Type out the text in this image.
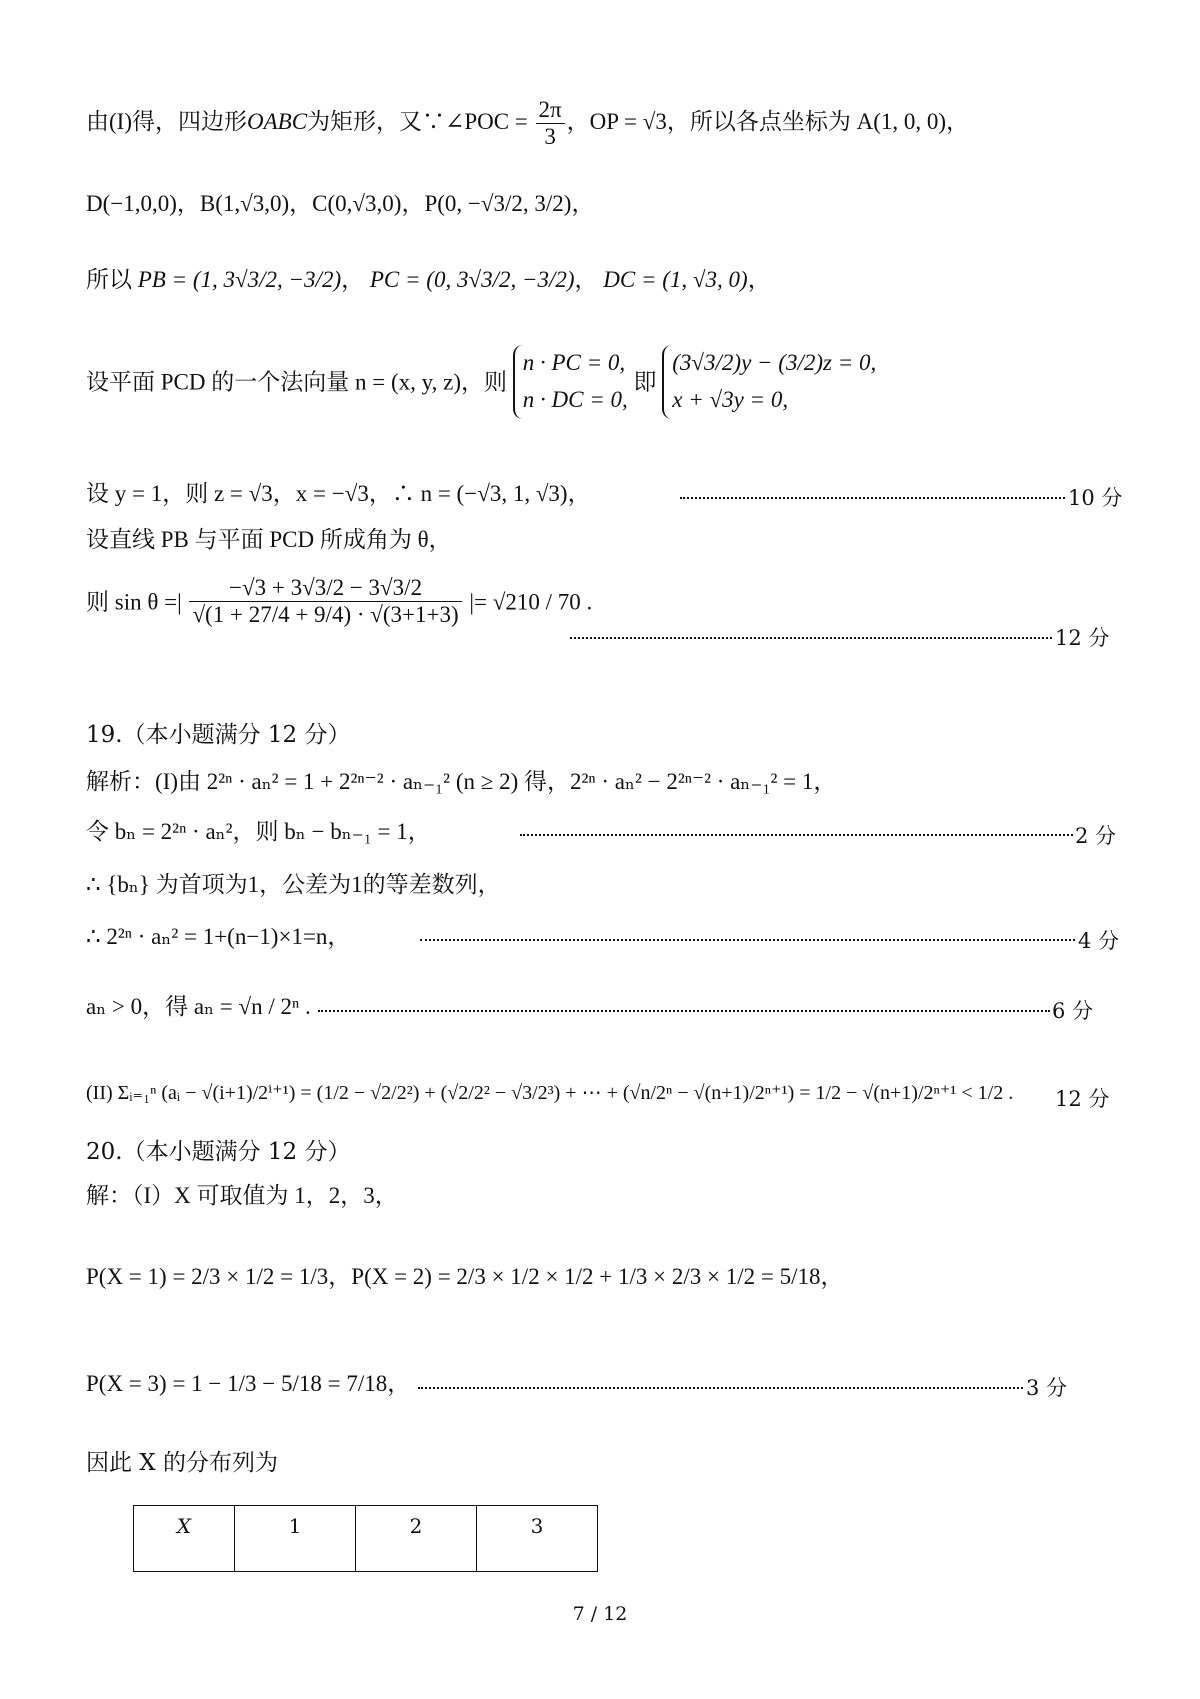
由(I)得，四边形OABC为矩形，又∵∠POC = $\frac{2\pi}{3}$ ，OP = √3，所以各点坐标为 A(1, 0, 0)，
D(−1,0,0)，B(1,√3,0)，C(0,√3,0)，P(0, −√3/2, 3/2)，
所以 PB = (1, 3√3/2, −3/2)， PC = (0, 3√3/2, −3/2)， DC = (1, √3, 0)，
设平面 PCD 的一个法向量 n = (x, y, z)，则
n · PC = 0,
n · DC = 0,
即
(3√3/2)y − (3/2)z = 0,
x + √3y = 0,
设 y = 1，则 z = √3，x = −√3，∴ n = (−√3, 1, √3)，	10 分
设直线 PB 与平面 PCD 所成角为 θ，
则 sin θ =| $\frac{-√3 + 3√3/2 - 3√3/2}{√(1 + 27/4 + 9/4) \cdot √(3+1+3)}$ |= √210 / 70 .
12 分
19.（本小题满分 12 分）
解析：(I)由 2²ⁿ · aₙ² = 1 + 2²ⁿ⁻² · aₙ₋₁² (n ≥ 2) 得，2²ⁿ · aₙ² − 2²ⁿ⁻² · aₙ₋₁² = 1，
令 bₙ = 2²ⁿ · aₙ²，则 bₙ − bₙ₋₁ = 1，	2 分
∴ {bₙ} 为首项为1，公差为1的等差数列，
∴ 2²ⁿ · aₙ² = 1+(n−1)×1=n，	4 分
aₙ > 0，得 aₙ = √n / 2ⁿ .	6 分
(II) Σᵢ₌₁ⁿ (aᵢ − √(i+1)/2ⁱ⁺¹) = (1/2 − √2/2²) + (√2/2² − √3/2³) + ⋯ + (√n/2ⁿ − √(n+1)/2ⁿ⁺¹) = 1/2 − √(n+1)/2ⁿ⁺¹ < 1/2 . 12 分
20.（本小题满分 12 分）
解：（I）X 可取值为 1，2，3，
P(X = 1) = 2/3 × 1/2 = 1/3，P(X = 2) = 2/3 × 1/2 × 1/2 + 1/3 × 2/3 × 1/2 = 5/18，
P(X = 3) = 1 − 1/3 − 5/18 = 7/18，	3 分
因此 X 的分布列为
X	1	2	3
7 / 12
